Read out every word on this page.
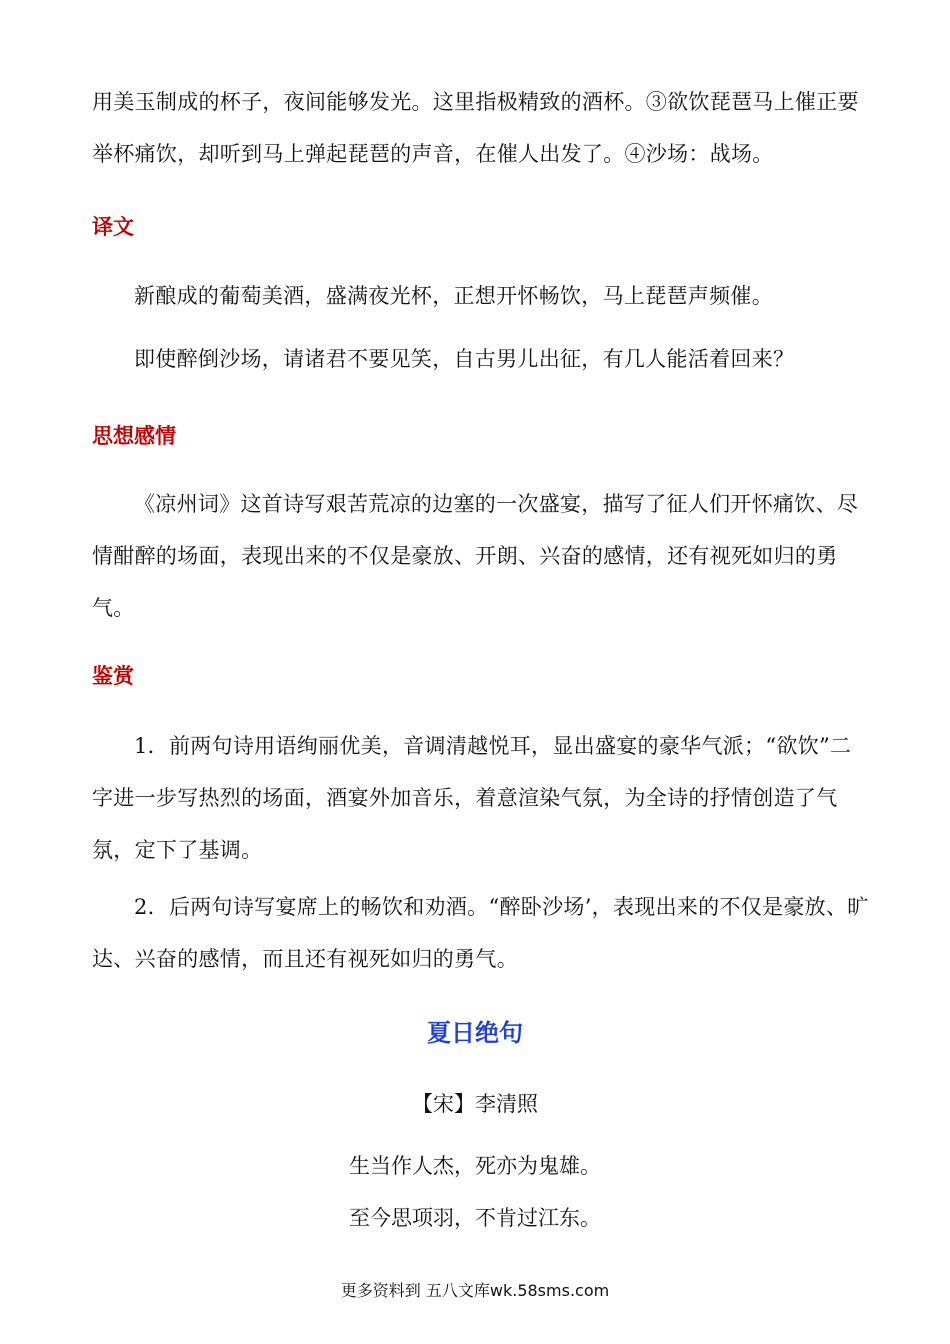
用美玉制成的杯子，夜间能够发光。这里指极精致的酒杯。③欲饮琵琶马上催正要举杯痛饮，却听到马上弹起琵琶的声音，在催人出发了。④沙场：战场。

译文

新酿成的葡萄美酒，盛满夜光杯，正想开怀畅饮，马上琵琶声频催。

即使醉倒沙场，请诸君不要见笑，自古男儿出征，有几人能活着回来？

思想感情

《凉州词》这首诗写艰苦荒凉的边塞的一次盛宴，描写了征人们开怀痛饮、尽情酣醉的场面，表现出来的不仅是豪放、开朗、兴奋的感情，还有视死如归的勇气。

鉴赏

1．前两句诗用语绚丽优美，音调清越悦耳，显出盛宴的豪华气派；“欲饮”二字进一步写热烈的场面，酒宴外加音乐，着意渲染气氛，为全诗的抒情创造了气氛，定下了基调。

2．后两句诗写宴席上的畅饮和劝酒。“醉卧沙场’，表现出来的不仅是豪放、旷达、兴奋的感情，而且还有视死如归的勇气。

夏日绝句

【宋】李清照

生当作人杰，死亦为鬼雄。

至今思项羽，不肯过江东。

更多资料到 五八文库wk.58sms.com
